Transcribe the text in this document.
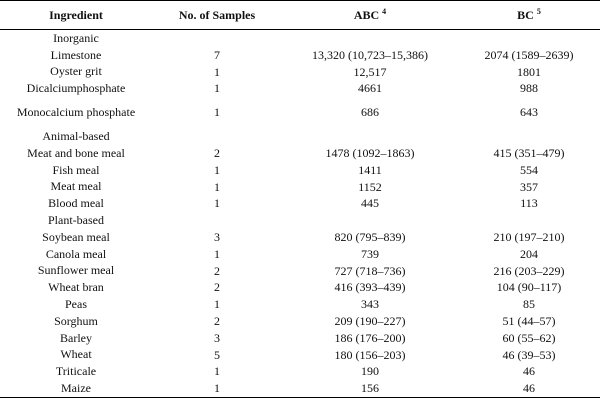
Ingredient	No. of Samples	ABC $^4$	BC $^5$
Inorganic			
Limestone	7	13,320 (10,723–15,386)	2074 (1589–2639)
Oyster grit	1	12,517	1801
Dicalciumphosphate	1	4661	988
Monocalcium phosphate	1	686	643
Animal-based			
Meat and bone meal	2	1478 (1092–1863)	415 (351–479)
Fish meal	1	1411	554
Meat meal	1	1152	357
Blood meal	1	445	113
Plant-based			
Soybean meal	3	820 (795–839)	210 (197–210)
Canola meal	1	739	204
Sunflower meal	2	727 (718–736)	216 (203–229)
Wheat bran	2	416 (393–439)	104 (90–117)
Peas	1	343	85
Sorghum	2	209 (190–227)	51 (44–57)
Barley	3	186 (176–200)	60 (55–62)
Wheat	5	180 (156–203)	46 (39–53)
Triticale	1	190	46
Maize	1	156	46
